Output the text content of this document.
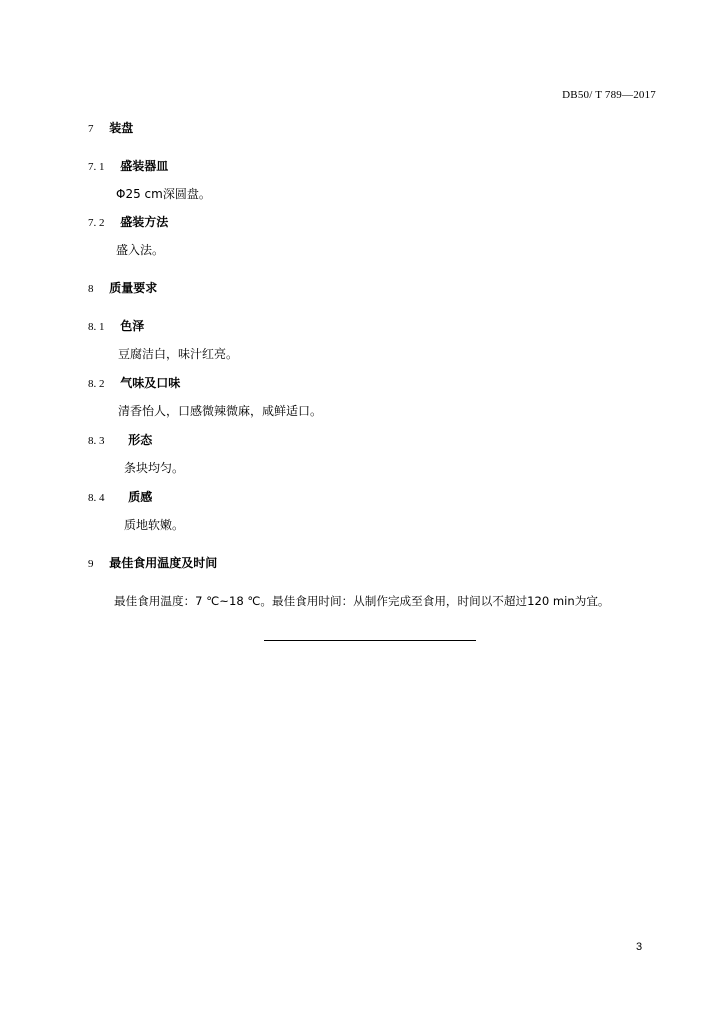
DB50/ T 789—2017
7 装盘
7. 1 盛装器皿
Φ25 cm深圆盘。
7. 2 盛装方法
盛入法。
8 质量要求
8. 1 色泽
豆腐洁白，味汁红亮。
8. 2 气味及口味
清香怡人，口感微辣微麻，咸鲜适口。
8. 3 形态
条块均匀。
8. 4 质感
质地软嫩。
9 最佳食用温度及时间
最佳食用温度：7 ℃~18 ℃。最佳食用时间：从制作完成至食用，时间以不超过120 min为宜。
3
